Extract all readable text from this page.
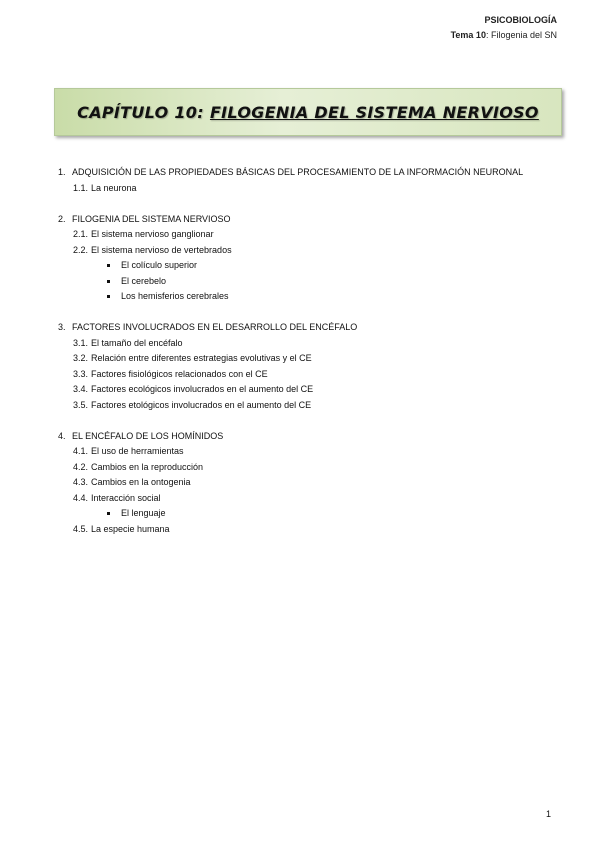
PSICOBIOLOGÍA
Tema 10: Filogenia del SN
CAPÍTULO 10: FILOGENIA DEL SISTEMA NERVIOSO
1. ADQUISICIÓN DE LAS PROPIEDADES BÁSICAS DEL PROCESAMIENTO DE LA INFORMACIÓN NEURONAL
1.1. La neurona
2. FILOGENIA DEL SISTEMA NERVIOSO
2.1. El sistema nervioso ganglionar
2.2. El sistema nervioso de vertebrados
El colículo superior
El cerebelo
Los hemisferios cerebrales
3. FACTORES INVOLUCRADOS EN EL DESARROLLO DEL ENCÉFALO
3.1. El tamaño del encéfalo
3.2. Relación entre diferentes estrategias evolutivas y el CE
3.3. Factores fisiológicos relacionados con el CE
3.4. Factores ecológicos involucrados en el aumento del CE
3.5. Factores etológicos involucrados en el aumento del CE
4. EL ENCÉFALO DE LOS HOMÍNIDOS
4.1. El uso de herramientas
4.2. Cambios en la reproducción
4.3. Cambios en la ontogenia
4.4. Interacción social
El lenguaje
4.5. La especie humana
1
